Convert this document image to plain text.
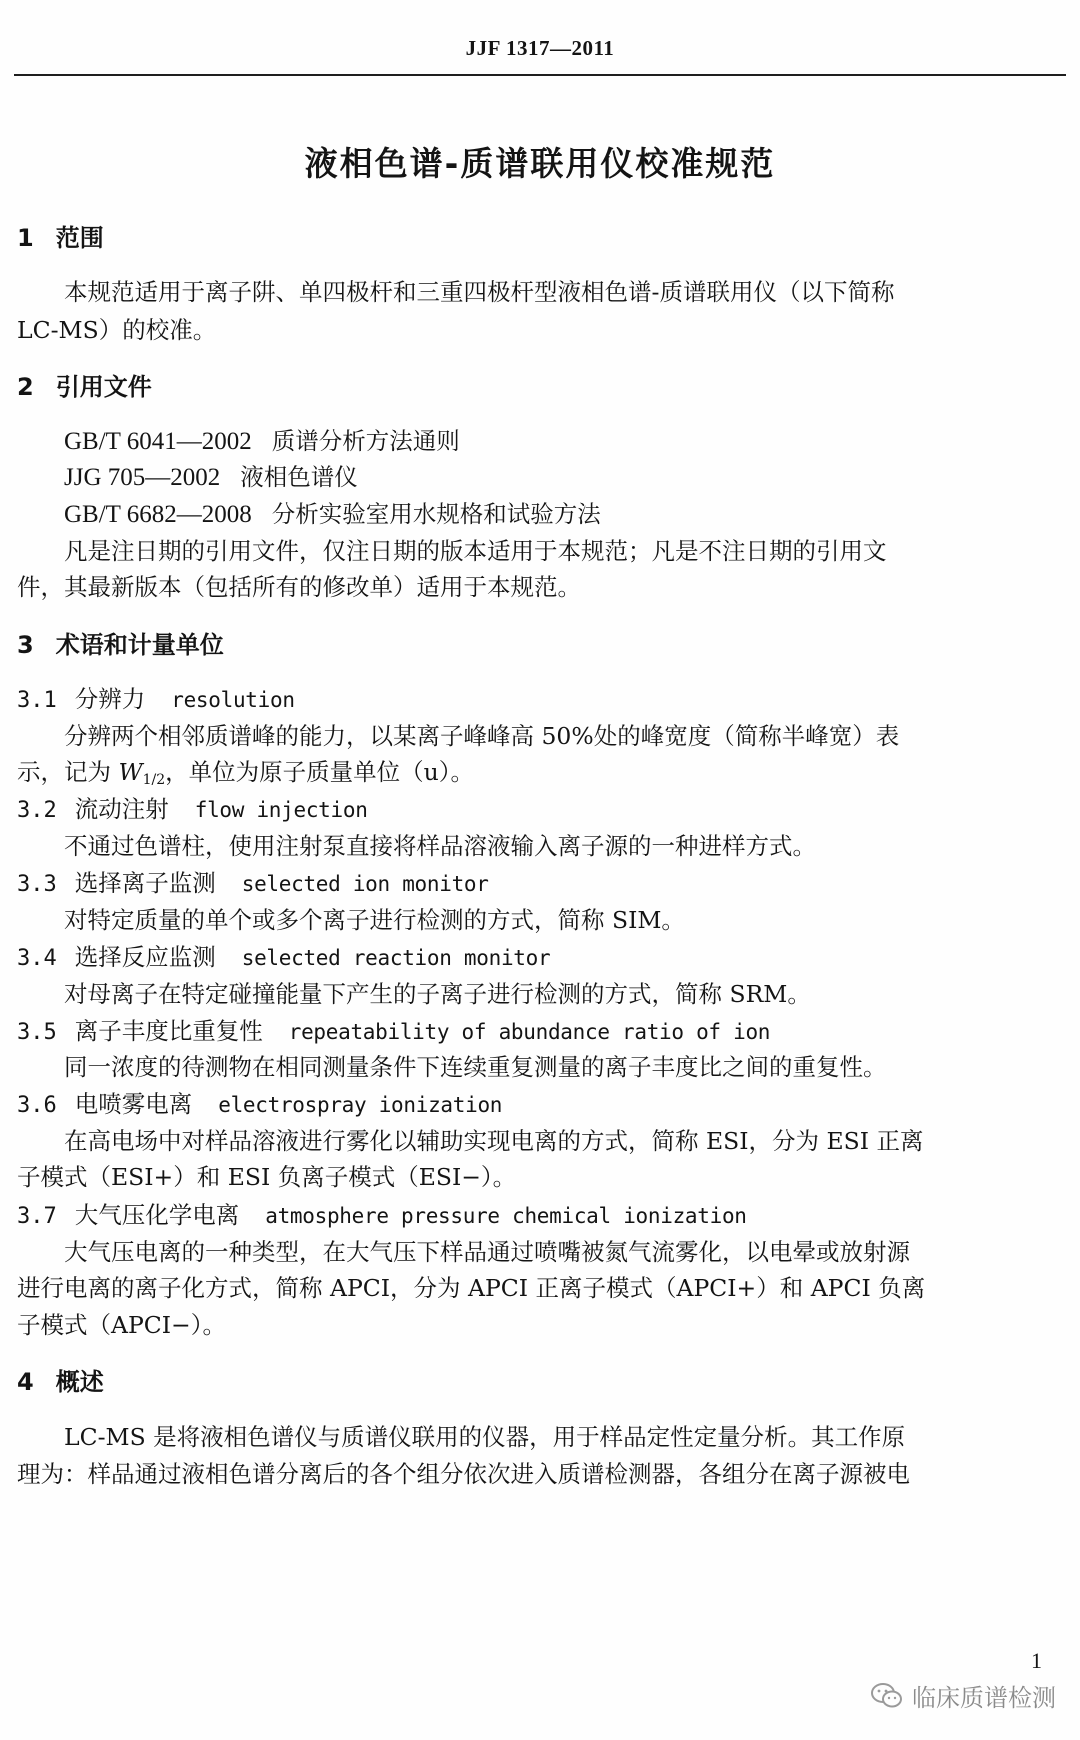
JJF 1317—2011
液相色谱-质谱联用仪校准规范
1 范围
本规范适用于离子阱、单四极杆和三重四极杆型液相色谱-质谱联用仪（以下简称
LC-MS）的校准。
2 引用文件
GB/T 6041—2002 质谱分析方法通则
JJG 705—2002 液相色谱仪
GB/T 6682—2008 分析实验室用水规格和试验方法
凡是注日期的引用文件，仅注日期的版本适用于本规范；凡是不注日期的引用文
件，其最新版本（包括所有的修改单）适用于本规范。
3 术语和计量单位
3.1 分辨力 resolution
分辨两个相邻质谱峰的能力，以某离子峰峰高 50%处的峰宽度（简称半峰宽）表
示，记为 $W_{1/2}$，单位为原子质量单位（u）。
3.2 流动注射 flow injection
不通过色谱柱，使用注射泵直接将样品溶液输入离子源的一种进样方式。
3.3 选择离子监测 selected ion monitor
对特定质量的单个或多个离子进行检测的方式，简称 SIM。
3.4 选择反应监测 selected reaction monitor
对母离子在特定碰撞能量下产生的子离子进行检测的方式，简称 SRM。
3.5 离子丰度比重复性 repeatability of abundance ratio of ion
同一浓度的待测物在相同测量条件下连续重复测量的离子丰度比之间的重复性。
3.6 电喷雾电离 electrospray ionization
在高电场中对样品溶液进行雾化以辅助实现电离的方式，简称 ESI，分为 ESI 正离
子模式（ESI+）和 ESI 负离子模式（ESI−）。
3.7 大气压化学电离 atmosphere pressure chemical ionization
大气压电离的一种类型，在大气压下样品通过喷嘴被氮气流雾化，以电晕或放射源
进行电离的离子化方式，简称 APCI，分为 APCI 正离子模式（APCI+）和 APCI 负离
子模式（APCI−）。
4 概述
LC-MS 是将液相色谱仪与质谱仪联用的仪器，用于样品定性定量分析。其工作原
理为：样品通过液相色谱分离后的各个组分依次进入质谱检测器，各组分在离子源被电
1
临床质谱检测
